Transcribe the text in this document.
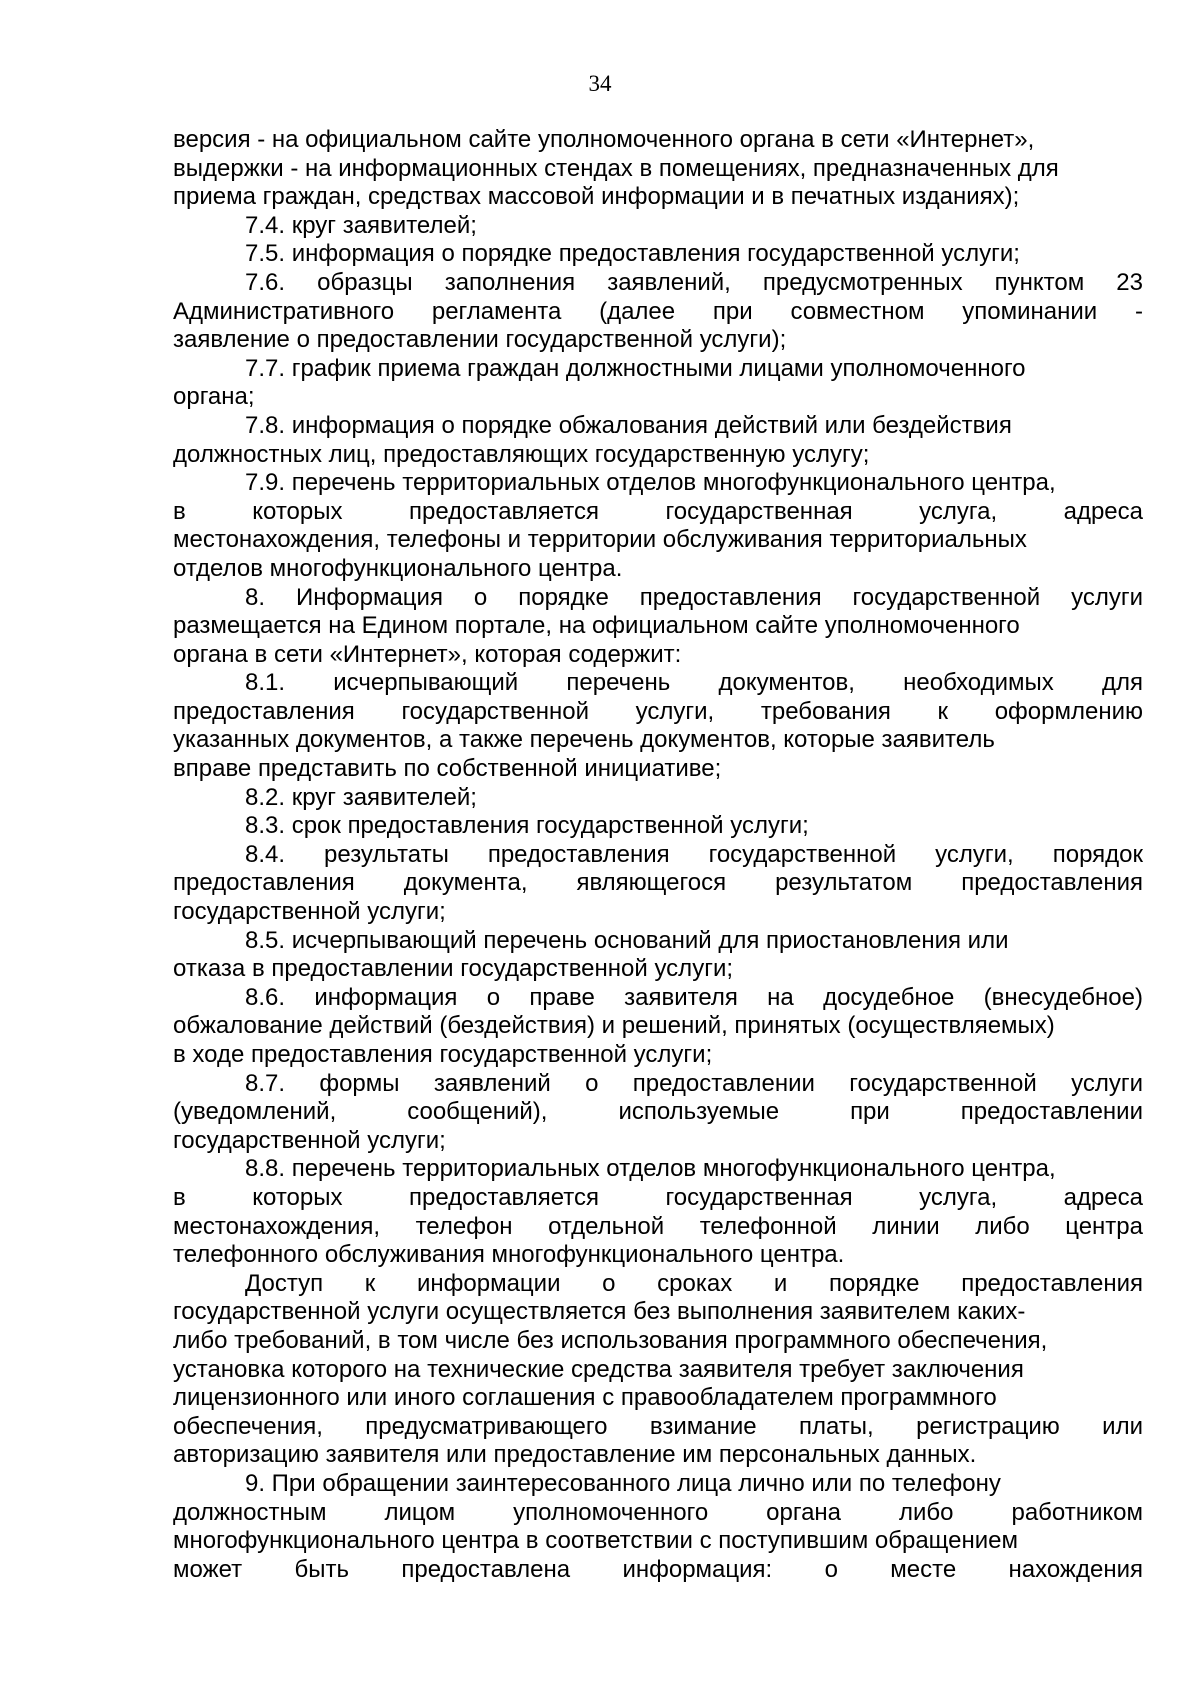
34
версия - на официальном сайте уполномоченного органа в сети «Интернет»,
выдержки - на информационных стендах в помещениях, предназначенных для
приема граждан, средствах массовой информации и в печатных изданиях);
7.4. круг заявителей;
7.5. информация о порядке предоставления государственной услуги;
7.6. образцы заполнения заявлений, предусмотренных пунктом 23
Административного регламента (далее при совместном упоминании -
заявление о предоставлении государственной услуги);
7.7. график приема граждан должностными лицами уполномоченного
органа;
7.8. информация о порядке обжалования действий или бездействия
должностных лиц, предоставляющих государственную услугу;
7.9. перечень территориальных отделов многофункционального центра,
в которых предоставляется государственная услуга, адреса
местонахождения, телефоны и территории обслуживания территориальных
отделов многофункционального центра.
8. Информация о порядке предоставления государственной услуги
размещается на Едином портале, на официальном сайте уполномоченного
органа в сети «Интернет», которая содержит:
8.1. исчерпывающий перечень документов, необходимых для
предоставления государственной услуги, требования к оформлению
указанных документов, а также перечень документов, которые заявитель
вправе представить по собственной инициативе;
8.2. круг заявителей;
8.3. срок предоставления государственной услуги;
8.4. результаты предоставления государственной услуги, порядок
предоставления документа, являющегося результатом предоставления
государственной услуги;
8.5. исчерпывающий перечень оснований для приостановления или
отказа в предоставлении государственной услуги;
8.6. информация о праве заявителя на досудебное (внесудебное)
обжалование действий (бездействия) и решений, принятых (осуществляемых)
в ходе предоставления государственной услуги;
8.7. формы заявлений о предоставлении государственной услуги
(уведомлений, сообщений), используемые при предоставлении
государственной услуги;
8.8. перечень территориальных отделов многофункционального центра,
в которых предоставляется государственная услуга, адреса
местонахождения, телефон отдельной телефонной линии либо центра
телефонного обслуживания многофункционального центра.
Доступ к информации о сроках и порядке предоставления
государственной услуги осуществляется без выполнения заявителем каких-
либо требований, в том числе без использования программного обеспечения,
установка которого на технические средства заявителя требует заключения
лицензионного или иного соглашения с правообладателем программного
обеспечения, предусматривающего взимание платы, регистрацию или
авторизацию заявителя или предоставление им персональных данных.
9. При обращении заинтересованного лица лично или по телефону
должностным лицом уполномоченного органа либо работником
многофункционального центра в соответствии с поступившим обращением
может быть предоставлена информация: о месте нахождения
